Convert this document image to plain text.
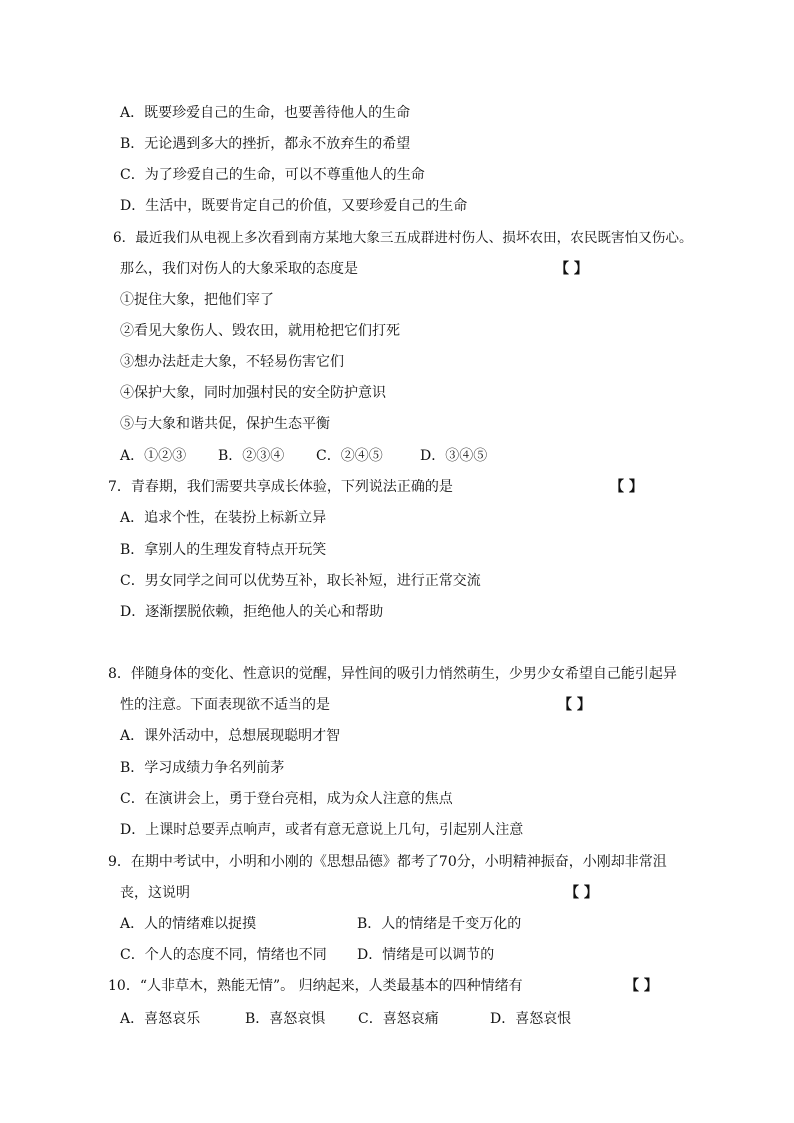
A．既要珍爱自己的生命，也要善待他人的生命
B．无论遇到多大的挫折，都永不放弃生的希望
C．为了珍爱自己的生命，可以不尊重他人的生命
D．生活中，既要肯定自己的价值，又要珍爱自己的生命
6．最近我们从电视上多次看到南方某地大象三五成群进村伤人、损坏农田，农民既害怕又伤心。
那么，我们对伤人的大象采取的态度是	【 】
①捉住大象，把他们宰了
②看见大象伤人、毁农田，就用枪把它们打死
③想办法赶走大象，不轻易伤害它们
④保护大象，同时加强村民的安全防护意识
⑤与大象和谐共促，保护生态平衡
A．①②③ B．②③④ C．②④⑤	D．③④⑤
7．青春期，我们需要共享成长体验，下列说法正确的是	【 】
A．追求个性，在装扮上标新立异
B．拿别人的生理发育特点开玩笑
C．男女同学之间可以优势互补，取长补短，进行正常交流
D．逐渐摆脱依赖，拒绝他人的关心和帮助
8．伴随身体的变化、性意识的觉醒，异性间的吸引力悄然萌生，少男少女希望自己能引起异
性的注意。下面表现欲不适当的是	【 】
A．课外活动中，总想展现聪明才智
B．学习成绩力争名列前茅
C．在演讲会上，勇于登台亮相，成为众人注意的焦点
D．上课时总要弄点响声，或者有意无意说上几句，引起别人注意
9．在期中考试中，小明和小刚的《思想品德》都考了70分，小明精神振奋，小刚却非常沮
丧，这说明	【 】
A．人的情绪难以捉摸	B．人的情绪是千变万化的
C．个人的态度不同，情绪也不同 D．情绪是可以调节的
10．“人非草木，熟能无情”。 归纳起来，人类最基本的四种情绪有	【 】
A．喜怒哀乐	B．喜怒哀惧 C．喜怒哀痛	D．喜怒哀恨
